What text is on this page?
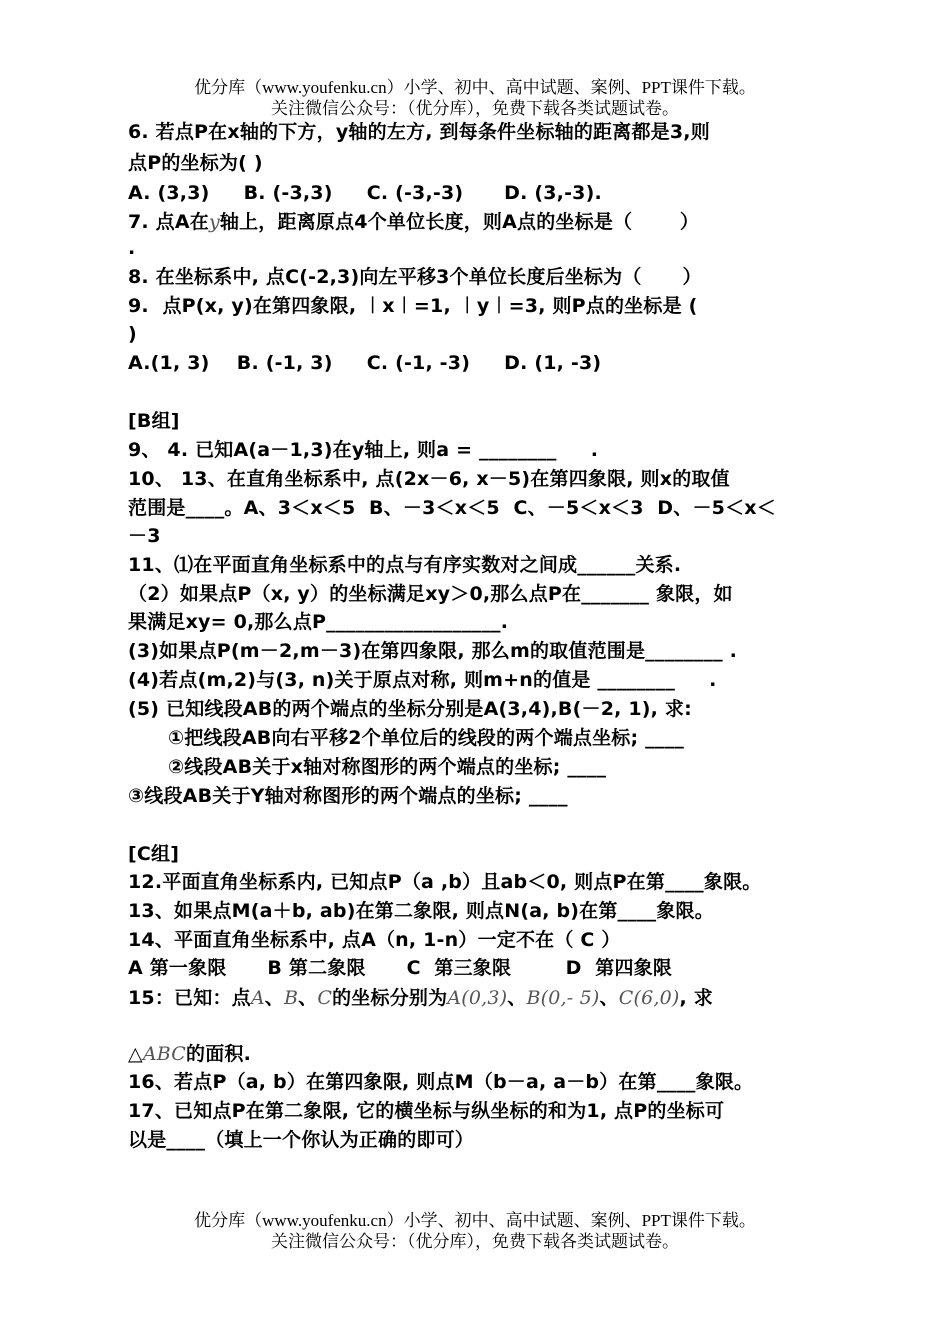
优分库（www.youfenku.cn）小学、初中、高中试题、案例、PPT课件下载。
关注微信公众号：（优分库），免费下载各类试题试卷。
6. 若点P在x轴的下方，y轴的左方, 到每条件坐标轴的距离都是3,则
点P的坐标为( )
A. (3,3)     B. (-3,3)     C. (-3,-3)      D. (3,-3).
7. 点A在y轴上，距离原点4个单位长度，则A点的坐标是（       ）
.
8. 在坐标系中, 点C(-2,3)向左平移3个单位长度后坐标为（      ）
9.  点P(x, y)在第四象限, ︱x︱=1, ︱y︱=3, 则P点的坐标是 (
)
A.(1, 3)    B. (-1, 3)     C. (-1, -3)     D. (1, -3)
[B组]
9、 4. 已知A(a－1,3)在y轴上, 则a = ________     .
10、 13、在直角坐标系中, 点(2x－6, x－5)在第四象限, 则x的取值
范围是____。A、3＜x＜5  B、－3＜x＜5  C、－5＜x＜3  D、－5＜x＜
－3
11、⑴在平面直角坐标系中的点与有序实数对之间成______关系.
（2）如果点P（x, y）的坐标满足xy＞0,那么点P在_______ 象限，如
果满足xy= 0,那么点P__________________.
(3)如果点P(m－2,m－3)在第四象限, 那么m的取值范围是________ .
(4)若点(m,2)与(3, n)关于原点对称, 则m+n的值是 ________     .
(5) 已知线段AB的两个端点的坐标分别是A(3,4),B(－2, 1), 求:
①把线段AB向右平移2个单位后的线段的两个端点坐标; ____
②线段AB关于x轴对称图形的两个端点的坐标; ____
③线段AB关于Y轴对称图形的两个端点的坐标; ____
[C组]
12.平面直角坐标系内, 已知点P（a ,b）且ab＜0, 则点P在第____象限。
13、如果点M(a＋b, ab)在第二象限, 则点N(a, b)在第____象限。
14、平面直角坐标系中, 点A（n, 1-n）一定不在（ C ）
A 第一象限      B 第二象限      C  第三象限        D  第四象限
15：已知：点A、B、C的坐标分别为A(0,3)、B(0,- 5)、C(6,0), 求
△ABC的面积.
16、若点P（a, b）在第四象限, 则点M（b－a, a－b）在第____象限。
17、已知点P在第二象限, 它的横坐标与纵坐标的和为1, 点P的坐标可
以是____（填上一个你认为正确的即可）
优分库（www.youfenku.cn）小学、初中、高中试题、案例、PPT课件下载。
关注微信公众号：（优分库），免费下载各类试题试卷。
